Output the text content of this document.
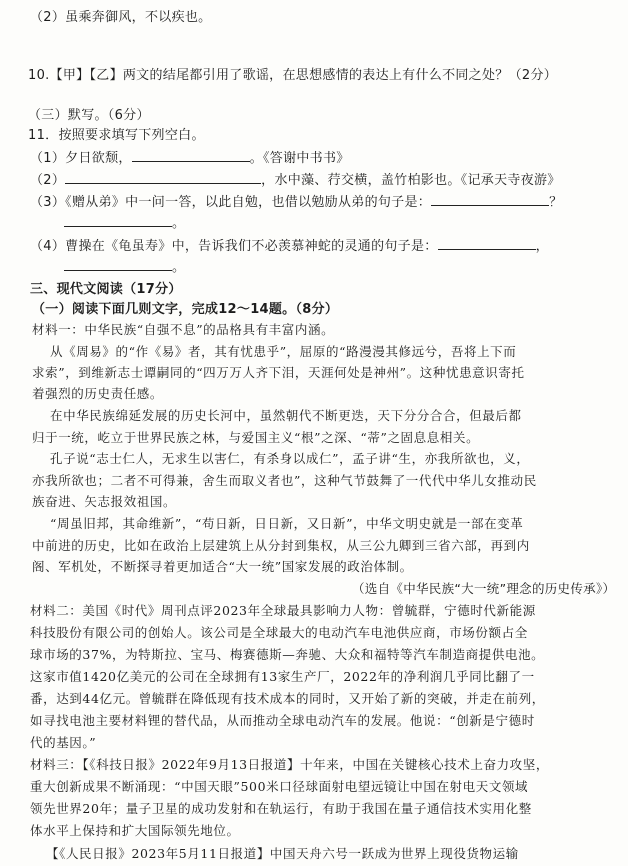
（2）虽乘奔御风，不以疾也。
10.【甲】【乙】两文的结尾都引用了歌谣，在思想感情的表达上有什么不同之处？（2分）
（三）默写。（6分）
11．按照要求填写下列空白。
（1）夕日欲颓，	。《答谢中书书》
（2）	，水中藻、荇交横，盖竹柏影也。《记承天寺夜游》
（3）《赠从弟》中一问一答，以此自勉，也借以勉励从弟的句子是：	？
。
（4）曹操在《龟虽寿》中，告诉我们不必羡慕神蛇的灵通的句子是：	，
。
三、现代文阅读（17分）
（一）阅读下面几则文字，完成12～14题。（8分）
材料一：中华民族“自强不息”的品格具有丰富内涵。
从《周易》的“作《易》者，其有忧患乎”，屈原的“路漫漫其修远兮，吾将上下而
求索”，到维新志士谭嗣同的“四万万人齐下泪，天涯何处是神州”。这种忧患意识寄托
着强烈的历史责任感。
在中华民族绵延发展的历史长河中，虽然朝代不断更迭，天下分分合合，但最后都
归于一统，屹立于世界民族之林，与爱国主义“根”之深、“蒂”之固息息相关。
孔子说“志士仁人，无求生以害仁，有杀身以成仁”，孟子讲“生，亦我所欲也，义，
亦我所欲也；二者不可得兼，舍生而取义者也”，这种气节鼓舞了一代代中华儿女推动民
族奋进、矢志报效祖国。
“周虽旧邦，其命维新”，“苟日新，日日新，又日新”，中华文明史就是一部在变革
中前进的历史，比如在政治上层建筑上从分封到集权，从三公九卿到三省六部，再到内
阁、军机处，不断探寻着更加适合“大一统”国家发展的政治体制。
（选自《中华民族“大一统”理念的历史传承》）
材料二：美国《时代》周刊点评2023年全球最具影响力人物：曾毓群，宁德时代新能源
科技股份有限公司的创始人。该公司是全球最大的电动汽车电池供应商，市场份额占全
球市场的37%，为特斯拉、宝马、梅赛德斯—奔驰、大众和福特等汽车制造商提供电池。
这家市值1420亿美元的公司在全球拥有13家生产厂，2022年的净利润几乎同比翻了一
番，达到44亿元。曾毓群在降低现有技术成本的同时，又开始了新的突破，并走在前列，
如寻找电池主要材料锂的替代品，从而推动全球电动汽车的发展。他说：“创新是宁德时
代的基因。”
材料三：【《科技日报》2022年9月13日报道】十年来，中国在关键核心技术上奋力攻坚，
重大创新成果不断涌现：“中国天眼”500米口径球面射电望远镜让中国在射电天文领域
领先世界20年；量子卫星的成功发射和在轨运行，有助于我国在量子通信技术实用化整
体水平上保持和扩大国际领先地位。
【《人民日报》2023年5月11日报道】中国天舟六号一跃成为世界上现役货物运输
